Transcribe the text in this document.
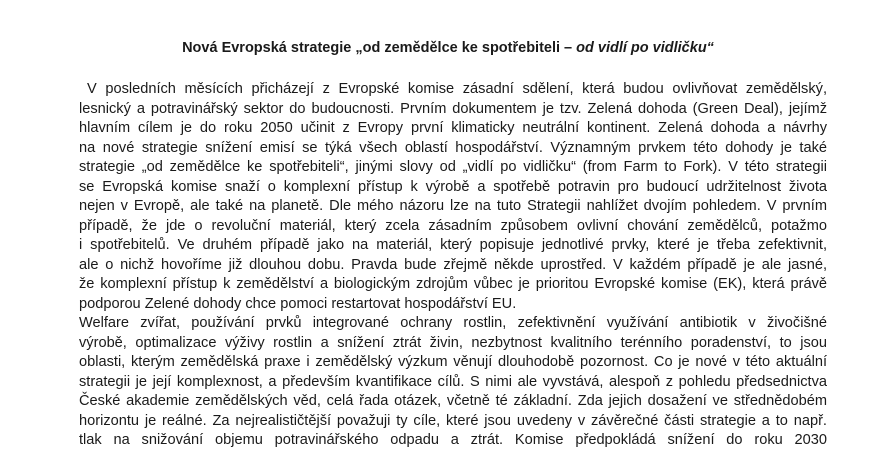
Nová Evropská strategie „od zemědělce ke spotřebiteli – od vidlí po vidličku“
V posledních měsících přicházejí z Evropské komise zásadní sdělení, která budou ovlivňovat zemědělský,
lesnický a potravinářský sektor do budoucnosti. Prvním dokumentem je tzv. Zelená dohoda (Green Deal), jejímž
hlavním cílem je do roku 2050 učinit z Evropy první klimaticky neutrální kontinent. Zelená dohoda a návrhy
na nové strategie snížení emisí se týká všech oblastí hospodářství. Významným prvkem této dohody je také
strategie „od zemědělce ke spotřebiteli“, jinými slovy od „vidlí po vidličku“ (from Farm to Fork). V této strategii
se Evropská komise snaží o komplexní přístup k výrobě a spotřebě potravin pro budoucí udržitelnost života
nejen v Evropě, ale také na planetě. Dle mého názoru lze na tuto Strategii nahlížet dvojím pohledem. V prvním
případě, že jde o revoluční materiál, který zcela zásadním způsobem ovlivní chování zemědělců, potažmo
i spotřebitelů. Ve druhém případě jako na materiál, který popisuje jednotlivé prvky, které je třeba zefektivnit,
ale o nichž hovoříme již dlouhou dobu. Pravda bude zřejmě někde uprostřed. V každém případě je ale jasné,
že komplexní přístup k zemědělství a biologickým zdrojům vůbec je prioritou Evropské komise (EK), která právě
podporou Zelené dohody chce pomoci restartovat hospodářství EU.
Welfare zvířat, používání prvků integrované ochrany rostlin, zefektivnění využívání antibiotik v živočišné
výrobě, optimalizace výživy rostlin a snížení ztrát živin, nezbytnost kvalitního terénního poradenství, to jsou
oblasti, kterým zemědělská praxe i zemědělský výzkum věnují dlouhodobě pozornost. Co je nové v této aktuální
strategii je její komplexnost, a především kvantifikace cílů. S nimi ale vyvstává, alespoň z pohledu předsednictva
České akademie zemědělských věd, celá řada otázek, včetně té základní. Zda jejich dosažení ve střednědobém
horizontu je reálné. Za nejrealističtější považuji ty cíle, které jsou uvedeny v závěrečné části strategie a to např.
tlak na snižování objemu potravinářského odpadu a ztrát. Komise předpokládá snížení do roku 2030
